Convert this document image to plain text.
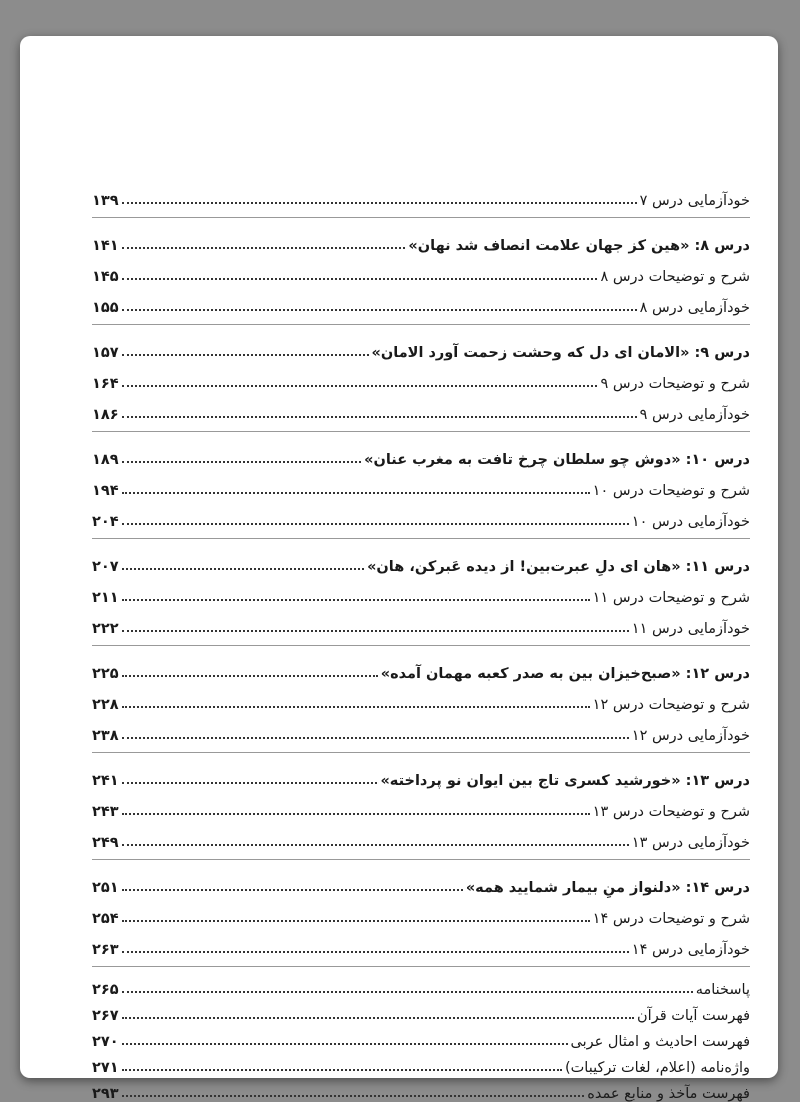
خودآزمایی درس ۷
۱۳۹
درس ۸: «هین کز جهان علامت انصاف شد نهان»
۱۴۱
شرح و توضیحات درس ۸
۱۴۵
خودآزمایی درس ۸
۱۵۵
درس ۹: «الامان ای دل که وحشت زحمت آورد الامان»
۱۵۷
شرح و توضیحات درس ۹
۱۶۴
خودآزمایی درس ۹
۱۸۶
درس ۱۰: «دوش چو سلطان چرخ تافت به مغرب عنان»
۱۸۹
شرح و توضیحات درس ۱۰
۱۹۴
خودآزمایی درس ۱۰
۲۰۴
درس ۱۱: «هان ای دلِ عبرت‌بین! از دیده عَبرکن، هان»
۲۰۷
شرح و توضیحات درس ۱۱
۲۱۱
خودآزمایی درس ۱۱
۲۲۲
درس ۱۲: «صبح‌خیزان بین به صدر کعبه مهمان آمده»
۲۲۵
شرح و توضیحات درس ۱۲
۲۲۸
خودآزمایی درس ۱۲
۲۳۸
درس ۱۳: «خورشید کسری تاج بین ایوان نو پرداخته»
۲۴۱
شرح و توضیحات درس ۱۳
۲۴۳
خودآزمایی درس ۱۳
۲۴۹
درس ۱۴: «دلنواز منِ بیمار شمایید همه»
۲۵۱
شرح و توضیحات درس ۱۴
۲۵۴
خودآزمایی درس ۱۴
۲۶۳
پاسخنامه
۲۶۵
فهرست آیات قرآن
۲۶۷
فهرست احادیث و امثال عربی
۲۷۰
واژه‌نامه (اعلام، لغات ترکیبات)
۲۷۱
فهرست مآخذ و منابع عمده
۲۹۳
